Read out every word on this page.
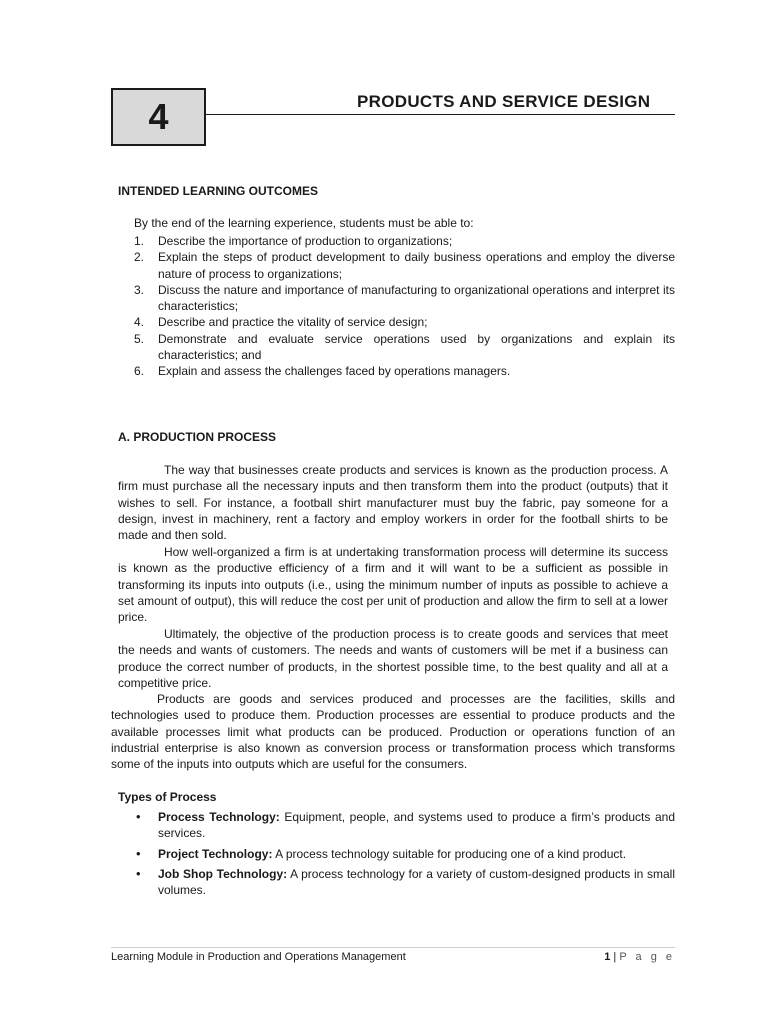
4	PRODUCTS AND SERVICE DESIGN
INTENDED LEARNING OUTCOMES
By the end of the learning experience, students must be able to:
1. Describe the importance of production to organizations;
2. Explain the steps of product development to daily business operations and employ the diverse nature of process to organizations;
3. Discuss the nature and importance of manufacturing to organizational operations and interpret its characteristics;
4. Describe and practice the vitality of service design;
5. Demonstrate and evaluate service operations used by organizations and explain its characteristics; and
6. Explain and assess the challenges faced by operations managers.
A. PRODUCTION PROCESS

The way that businesses create products and services is known as the production process. A firm must purchase all the necessary inputs and then transform them into the product (outputs) that it wishes to sell. For instance, a football shirt manufacturer must buy the fabric, pay someone for a design, invest in machinery, rent a factory and employ workers in order for the football shirts to be made and then sold.

How well-organized a firm is at undertaking transformation process will determine its success is known as the productive efficiency of a firm and it will want to be a sufficient as possible in transforming its inputs into outputs (i.e., using the minimum number of inputs as possible to achieve a set amount of output), this will reduce the cost per unit of production and allow the firm to sell at a lower price.

Ultimately, the objective of the production process is to create goods and services that meet the needs and wants of customers. The needs and wants of customers will be met if a business can produce the correct number of products, in the shortest possible time, to the best quality and all at a competitive price.

Products are goods and services produced and processes are the facilities, skills and technologies used to produce them. Production processes are essential to produce products and the available processes limit what products can be produced. Production or operations function of an industrial enterprise is also known as conversion process or transformation process which transforms some of the inputs into outputs which are useful for the consumers.

Types of Process
• Process Technology: Equipment, people, and systems used to produce a firm’s products and services.
• Project Technology: A process technology suitable for producing one of a kind product.
• Job Shop Technology: A process technology for a variety of custom-designed products in small volumes.
Learning Module in Production and Operations Management	1 | P a g e
